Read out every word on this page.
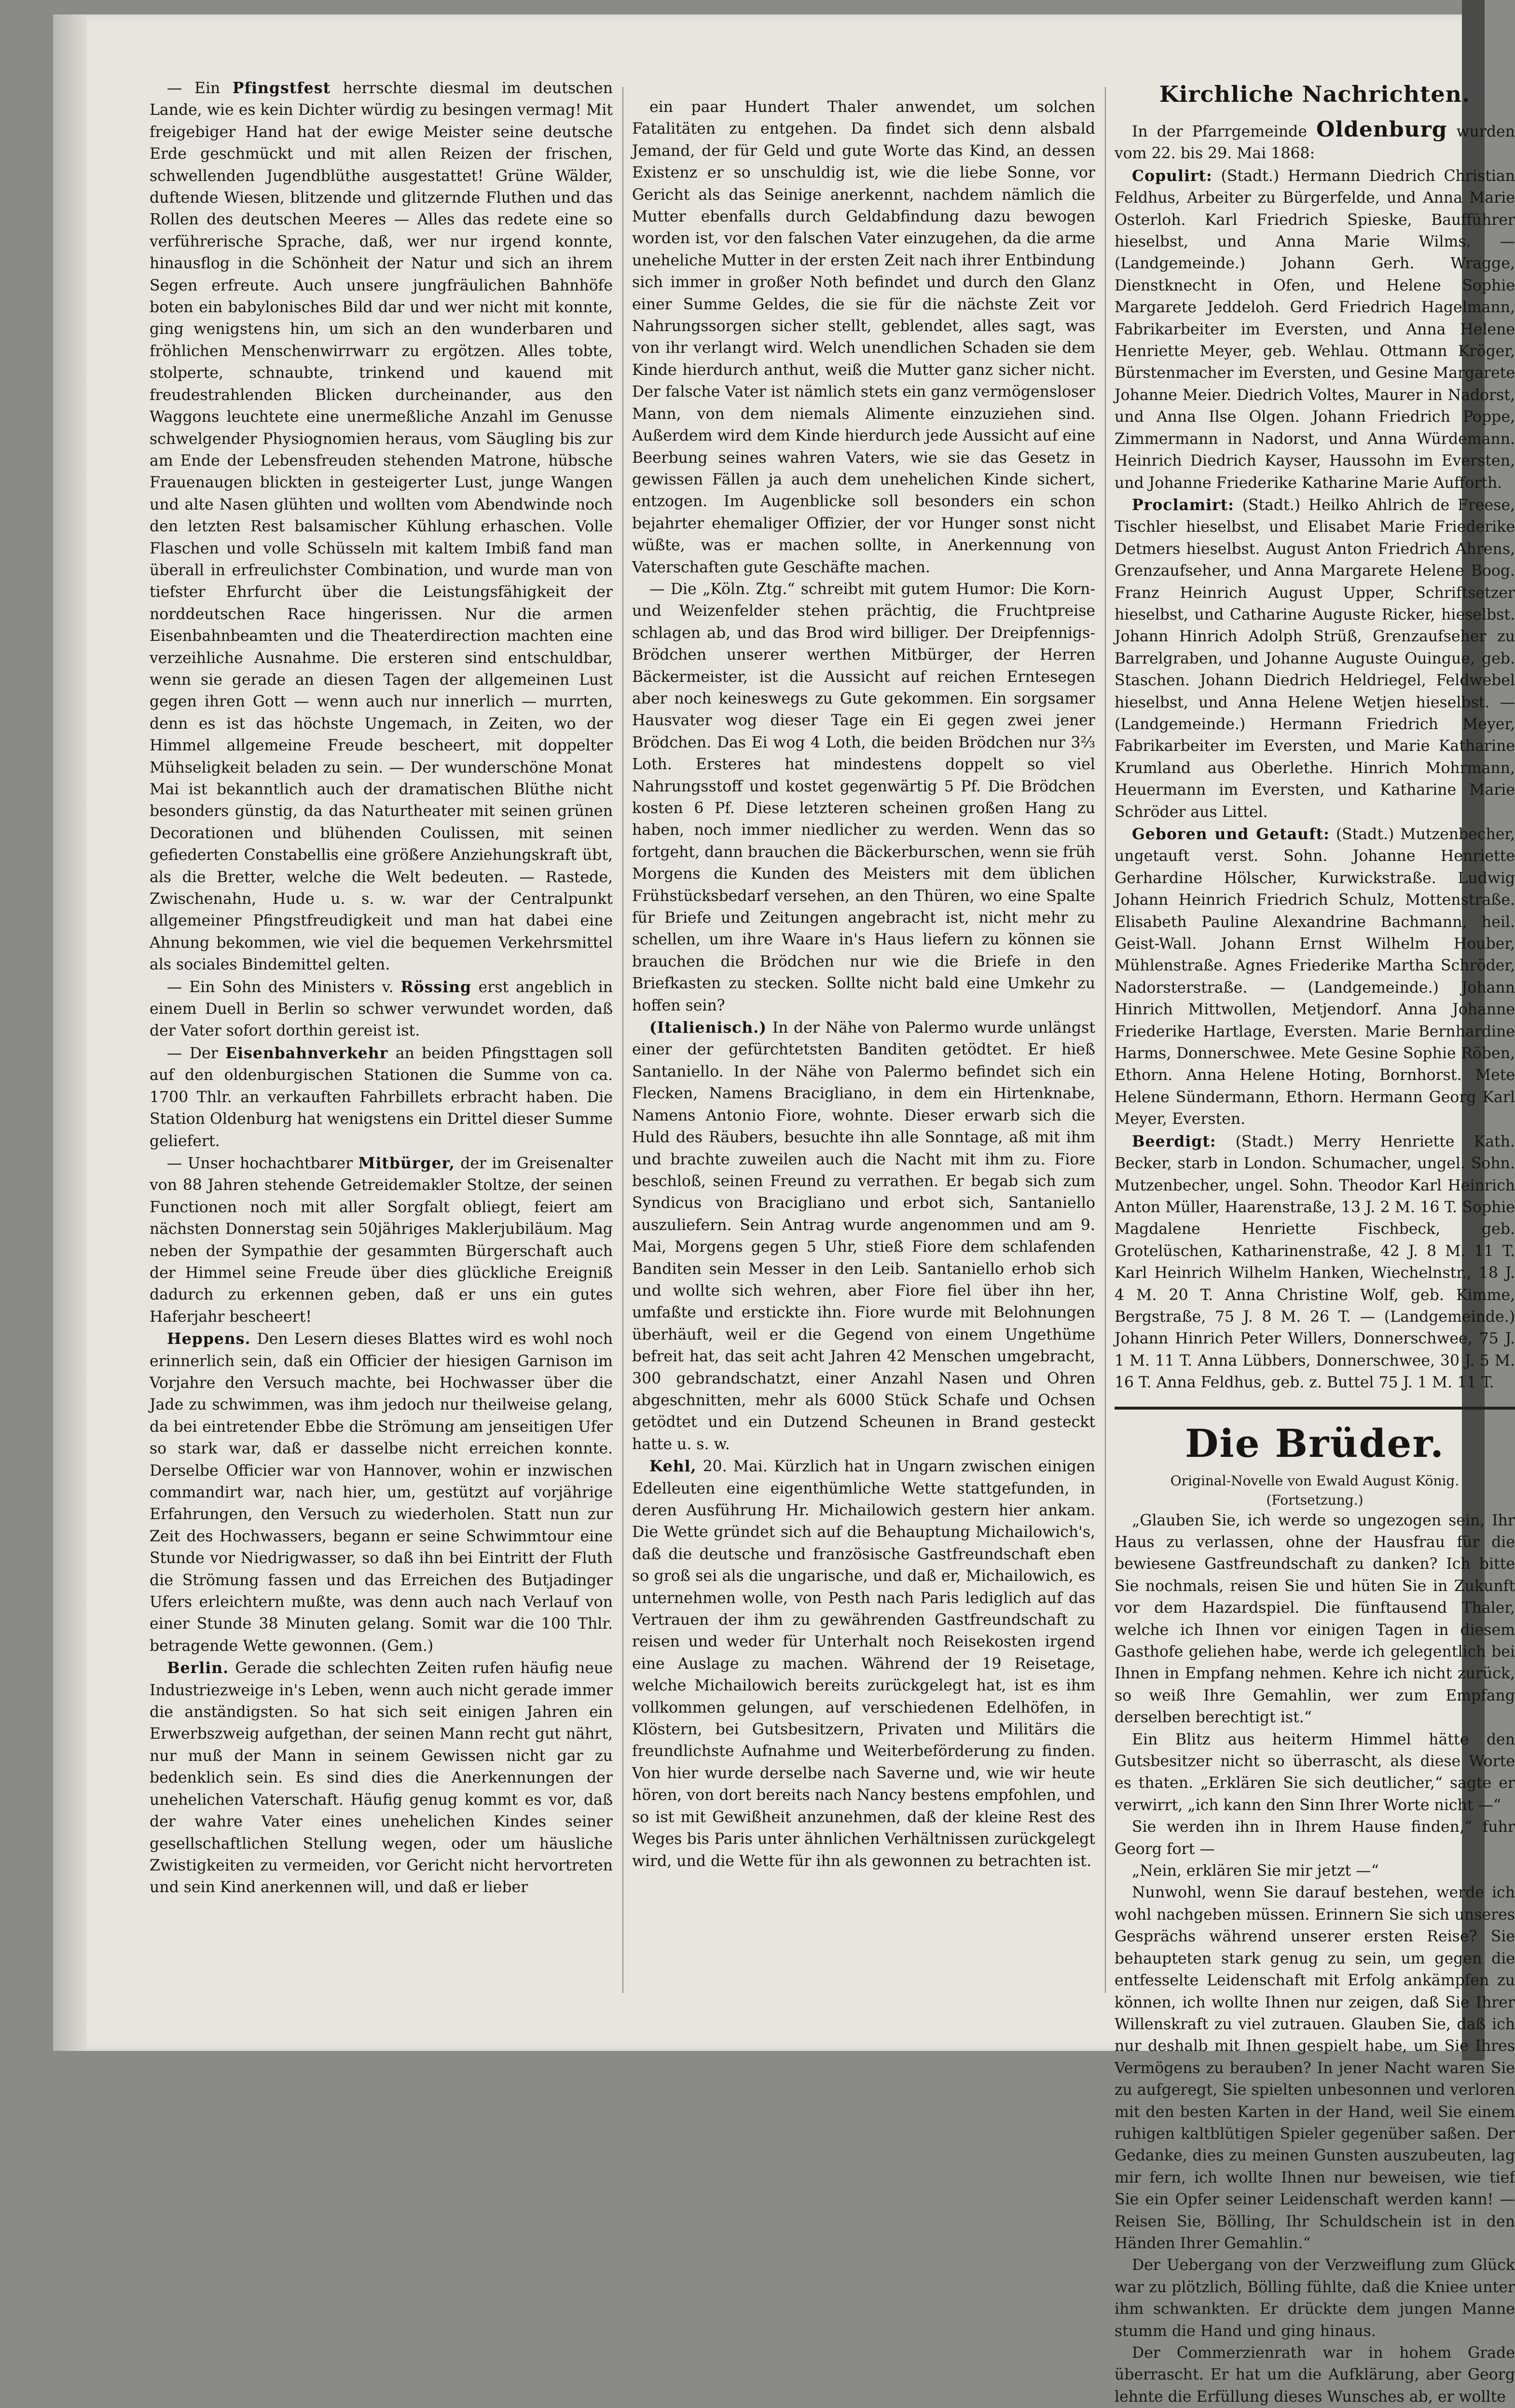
— Ein Pfingstfest herrschte diesmal im deutschen Lande, wie es kein Dichter würdig zu besingen vermag! Mit freigebiger Hand hat der ewige Meister seine deutsche Erde geschmückt und mit allen Reizen der frischen, schwellenden Jugendblüthe ausgestattet! Grüne Wälder, duftende Wiesen, blitzende und glitzernde Fluthen und das Rollen des deutschen Meeres — Alles das redete eine so verführerische Sprache, daß, wer nur irgend konnte, hinausflog in die Schönheit der Natur und sich an ihrem Segen erfreute. Auch unsere jungfräulichen Bahnhöfe boten ein babylonisches Bild dar und wer nicht mit konnte, ging wenigstens hin, um sich an den wunderbaren und fröhlichen Menschenwirrwarr zu ergötzen. Alles tobte, stolperte, schnaubte, trinkend und kauend mit freudestrahlenden Blicken durcheinander, aus den Waggons leuchtete eine unermeßliche Anzahl im Genusse schwelgender Physiognomien heraus, vom Säugling bis zur am Ende der Lebensfreuden stehenden Matrone, hübsche Frauenaugen blickten in gesteigerter Lust, junge Wangen und alte Nasen glühten und wollten vom Abendwinde noch den letzten Rest balsamischer Kühlung erhaschen. Volle Flaschen und volle Schüsseln mit kaltem Imbiß fand man überall in erfreulichster Combination, und wurde man von tiefster Ehrfurcht über die Leistungsfähigkeit der norddeutschen Race hingerissen. Nur die armen Eisenbahnbeamten und die Theaterdirection machten eine verzeihliche Ausnahme. Die ersteren sind entschuldbar, wenn sie gerade an diesen Tagen der allgemeinen Lust gegen ihren Gott — wenn auch nur innerlich — murrten, denn es ist das höchste Ungemach, in Zeiten, wo der Himmel allgemeine Freude bescheert, mit doppelter Mühseligkeit beladen zu sein. — Der wunderschöne Monat Mai ist bekanntlich auch der dramatischen Blüthe nicht besonders günstig, da das Naturtheater mit seinen grünen Decorationen und blühenden Coulissen, mit seinen gefiederten Constabellis eine größere Anziehungskraft übt, als die Bretter, welche die Welt bedeuten. — Rastede, Zwischenahn, Hude u. s. w. war der Centralpunkt allgemeiner Pfingstfreudigkeit und man hat dabei eine Ahnung bekommen, wie viel die bequemen Verkehrsmittel als sociales Bindemittel gelten.

— Ein Sohn des Ministers v. Rössing erst angeblich in einem Duell in Berlin so schwer verwundet worden, daß der Vater sofort dorthin gereist ist.

— Der Eisenbahnverkehr an beiden Pfingsttagen soll auf den oldenburgischen Stationen die Summe von ca. 1700 Thlr. an verkauften Fahrbillets erbracht haben. Die Station Oldenburg hat wenigstens ein Drittel dieser Summe geliefert.

— Unser hochachtbarer Mitbürger, der im Greisenalter von 88 Jahren stehende Getreidemakler Stoltze, der seinen Functionen noch mit aller Sorgfalt obliegt, feiert am nächsten Donnerstag sein 50jähriges Maklerjubiläum. Mag neben der Sympathie der gesammten Bürgerschaft auch der Himmel seine Freude über dies glückliche Ereigniß dadurch zu erkennen geben, daß er uns ein gutes Haferjahr bescheert!

Heppens. Den Lesern dieses Blattes wird es wohl noch erinnerlich sein, daß ein Officier der hiesigen Garnison im Vorjahre den Versuch machte, bei Hochwasser über die Jade zu schwimmen, was ihm jedoch nur theilweise gelang, da bei eintretender Ebbe die Strömung am jenseitigen Ufer so stark war, daß er dasselbe nicht erreichen konnte. Derselbe Officier war von Hannover, wohin er inzwischen commandirt war, nach hier, um, gestützt auf vorjährige Erfahrungen, den Versuch zu wiederholen. Statt nun zur Zeit des Hochwassers, begann er seine Schwimmtour eine Stunde vor Niedrigwasser, so daß ihn bei Eintritt der Fluth die Strömung fassen und das Erreichen des Butjadinger Ufers erleichtern mußte, was denn auch nach Verlauf von einer Stunde 38 Minuten gelang. Somit war die 100 Thlr. betragende Wette gewonnen. (Gem.)

Berlin. Gerade die schlechten Zeiten rufen häufig neue Industriezweige in's Leben, wenn auch nicht gerade immer die anständigsten. So hat sich seit einigen Jahren ein Erwerbszweig aufgethan, der seinen Mann recht gut nährt, nur muß der Mann in seinem Gewissen nicht gar zu bedenklich sein. Es sind dies die Anerkennungen der unehelichen Vaterschaft. Häufig genug kommt es vor, daß der wahre Vater eines unehelichen Kindes seiner gesellschaftlichen Stellung wegen, oder um häusliche Zwistigkeiten zu vermeiden, vor Gericht nicht hervortreten und sein Kind anerkennen will, und daß er lieber

ein paar Hundert Thaler anwendet, um solchen Fatalitäten zu entgehen. Da findet sich denn alsbald Jemand, der für Geld und gute Worte das Kind, an dessen Existenz er so unschuldig ist, wie die liebe Sonne, vor Gericht als das Seinige anerkennt, nachdem nämlich die Mutter ebenfalls durch Geldabfindung dazu bewogen worden ist, vor den falschen Vater einzugehen, da die arme uneheliche Mutter in der ersten Zeit nach ihrer Entbindung sich immer in großer Noth befindet und durch den Glanz einer Summe Geldes, die sie für die nächste Zeit vor Nahrungssorgen sicher stellt, geblendet, alles sagt, was von ihr verlangt wird. Welch unendlichen Schaden sie dem Kinde hierdurch anthut, weiß die Mutter ganz sicher nicht. Der falsche Vater ist nämlich stets ein ganz vermögensloser Mann, von dem niemals Alimente einzuziehen sind. Außerdem wird dem Kinde hierdurch jede Aussicht auf eine Beerbung seines wahren Vaters, wie sie das Gesetz in gewissen Fällen ja auch dem unehelichen Kinde sichert, entzogen. Im Augenblicke soll besonders ein schon bejahrter ehemaliger Offizier, der vor Hunger sonst nicht wüßte, was er machen sollte, in Anerkennung von Vaterschaften gute Geschäfte machen.

— Die „Köln. Ztg.“ schreibt mit gutem Humor: Die Korn- und Weizenfelder stehen prächtig, die Fruchtpreise schlagen ab, und das Brod wird billiger. Der Dreipfennigs-Brödchen unserer werthen Mitbürger, der Herren Bäckermeister, ist die Aussicht auf reichen Erntesegen aber noch keineswegs zu Gute gekommen. Ein sorgsamer Hausvater wog dieser Tage ein Ei gegen zwei jener Brödchen. Das Ei wog 4 Loth, die beiden Brödchen nur 3⅔ Loth. Ersteres hat mindestens doppelt so viel Nahrungsstoff und kostet gegenwärtig 5 Pf. Die Brödchen kosten 6 Pf. Diese letzteren scheinen großen Hang zu haben, noch immer niedlicher zu werden. Wenn das so fortgeht, dann brauchen die Bäckerburschen, wenn sie früh Morgens die Kunden des Meisters mit dem üblichen Frühstücksbedarf versehen, an den Thüren, wo eine Spalte für Briefe und Zeitungen angebracht ist, nicht mehr zu schellen, um ihre Waare in's Haus liefern zu können sie brauchen die Brödchen nur wie die Briefe in den Briefkasten zu stecken. Sollte nicht bald eine Umkehr zu hoffen sein?

(Italienisch.) In der Nähe von Palermo wurde unlängst einer der gefürchtetsten Banditen getödtet. Er hieß Santaniello. In der Nähe von Palermo befindet sich ein Flecken, Namens Bracigliano, in dem ein Hirtenknabe, Namens Antonio Fiore, wohnte. Dieser erwarb sich die Huld des Räubers, besuchte ihn alle Sonntage, aß mit ihm und brachte zuweilen auch die Nacht mit ihm zu. Fiore beschloß, seinen Freund zu verrathen. Er begab sich zum Syndicus von Bracigliano und erbot sich, Santaniello auszuliefern. Sein Antrag wurde angenommen und am 9. Mai, Morgens gegen 5 Uhr, stieß Fiore dem schlafenden Banditen sein Messer in den Leib. Santaniello erhob sich und wollte sich wehren, aber Fiore fiel über ihn her, umfaßte und erstickte ihn. Fiore wurde mit Belohnungen überhäuft, weil er die Gegend von einem Ungethüme befreit hat, das seit acht Jahren 42 Menschen umgebracht, 300 gebrandschatzt, einer Anzahl Nasen und Ohren abgeschnitten, mehr als 6000 Stück Schafe und Ochsen getödtet und ein Dutzend Scheunen in Brand gesteckt hatte u. s. w.

Kehl, 20. Mai. Kürzlich hat in Ungarn zwischen einigen Edelleuten eine eigenthümliche Wette stattgefunden, in deren Ausführung Hr. Michailowich gestern hier ankam. Die Wette gründet sich auf die Behauptung Michailowich's, daß die deutsche und französische Gastfreundschaft eben so groß sei als die ungarische, und daß er, Michailowich, es unternehmen wolle, von Pesth nach Paris lediglich auf das Vertrauen der ihm zu gewährenden Gastfreundschaft zu reisen und weder für Unterhalt noch Reisekosten irgend eine Auslage zu machen. Während der 19 Reisetage, welche Michailowich bereits zurückgelegt hat, ist es ihm vollkommen gelungen, auf verschiedenen Edelhöfen, in Klöstern, bei Gutsbesitzern, Privaten und Militärs die freundlichste Aufnahme und Weiterbeförderung zu finden. Von hier wurde derselbe nach Saverne und, wie wir heute hören, von dort bereits nach Nancy bestens empfohlen, und so ist mit Gewißheit anzunehmen, daß der kleine Rest des Weges bis Paris unter ähnlichen Verhältnissen zurückgelegt wird, und die Wette für ihn als gewonnen zu betrachten ist.

Kirchliche Nachrichten.

In der Pfarrgemeinde Oldenburg wurden vom 22. bis 29. Mai 1868:

Copulirt: (Stadt.) Hermann Diedrich Christian Feldhus, Arbeiter zu Bürgerfelde, und Anna Marie Osterloh. Karl Friedrich Spieske, Baufführer hieselbst, und Anna Marie Wilms. — (Landgemeinde.) Johann Gerh. Wragge, Dienstknecht in Ofen, und Helene Sophie Margarete Jeddeloh. Gerd Friedrich Hagelmann, Fabrikarbeiter im Eversten, und Anna Helene Henriette Meyer, geb. Wehlau. Ottmann Kröger, Bürstenmacher im Eversten, und Gesine Margarete Johanne Meier. Diedrich Voltes, Maurer in Nadorst, und Anna Ilse Olgen. Johann Friedrich Poppe, Zimmermann in Nadorst, und Anna Würdemann. Heinrich Diedrich Kayser, Haussohn im Eversten, und Johanne Friederike Katharine Marie Aufforth.

Proclamirt: (Stadt.) Heilko Ahlrich de Freese, Tischler hieselbst, und Elisabet Marie Friederike Detmers hieselbst. August Anton Friedrich Ahrens, Grenzaufseher, und Anna Margarete Helene Boog. Franz Heinrich August Upper, Schriftsetzer hieselbst, und Catharine Auguste Ricker, hieselbst. Johann Hinrich Adolph Strüß, Grenzaufseher zu Barrelgraben, und Johanne Auguste Ouingue, geb. Staschen. Johann Diedrich Heldriegel, Feldwebel hieselbst, und Anna Helene Wetjen hieselbst. — (Landgemeinde.) Hermann Friedrich Meyer, Fabrikarbeiter im Eversten, und Marie Katharine Krumland aus Oberlethe. Hinrich Mohrmann, Heuermann im Eversten, und Katharine Marie Schröder aus Littel.

Geboren und Getauft: (Stadt.) Mutzenbecher, ungetauft verst. Sohn. Johanne Henriette Gerhardine Hölscher, Kurwickstraße. Ludwig Johann Heinrich Friedrich Schulz, Mottenstraße. Elisabeth Pauline Alexandrine Bachmann, heil. Geist-Wall. Johann Ernst Wilhelm Houber, Mühlenstraße. Agnes Friederike Martha Schröder, Nadorsterstraße. — (Landgemeinde.) Johann Hinrich Mittwollen, Metjendorf. Anna Johanne Friederike Hartlage, Eversten. Marie Bernhardine Harms, Donnerschwee. Mete Gesine Sophie Röben, Ethorn. Anna Helene Hoting, Bornhorst. Mete Helene Sündermann, Ethorn. Hermann Georg Karl Meyer, Eversten.

Beerdigt: (Stadt.) Merry Henriette Kath. Becker, starb in London. Schumacher, ungel. Sohn. Mutzenbecher, ungel. Sohn. Theodor Karl Heinrich Anton Müller, Haarenstraße, 13 J. 2 M. 16 T. Sophie Magdalene Henriette Fischbeck, geb. Grotelüschen, Katharinenstraße, 42 J. 8 M. 11 T. Karl Heinrich Wilhelm Hanken, Wiechelnstr., 18 J. 4 M. 20 T. Anna Christine Wolf, geb. Kimme, Bergstraße, 75 J. 8 M. 26 T. — (Landgemeinde.) Johann Hinrich Peter Willers, Donnerschwee, 75 J. 1 M. 11 T. Anna Lübbers, Donnerschwee, 30 J. 5 M. 16 T. Anna Feldhus, geb. z. Buttel 75 J. 1 M. 11 T.

Die Brüder.

Original-Novelle von Ewald August König.

(Fortsetzung.)

„Glauben Sie, ich werde so ungezogen sein, Ihr Haus zu verlassen, ohne der Hausfrau für die bewiesene Gastfreundschaft zu danken? Ich bitte Sie nochmals, reisen Sie und hüten Sie in Zukunft vor dem Hazardspiel. Die fünftausend Thaler, welche ich Ihnen vor einigen Tagen in diesem Gasthofe geliehen habe, werde ich gelegentlich bei Ihnen in Empfang nehmen. Kehre ich nicht zurück, so weiß Ihre Gemahlin, wer zum Empfang derselben berechtigt ist.“

Ein Blitz aus heiterm Himmel hätte den Gutsbesitzer nicht so überrascht, als diese Worte es thaten. „Erklären Sie sich deutlicher,“ sagte er verwirrt, „ich kann den Sinn Ihrer Worte nicht —“

Sie werden ihn in Ihrem Hause finden,“ fuhr Georg fort —

„Nein, erklären Sie mir jetzt —“

Nunwohl, wenn Sie darauf bestehen, werde ich wohl nachgeben müssen. Erinnern Sie sich unseres Gesprächs während unserer ersten Reise? Sie behaupteten stark genug zu sein, um gegen die entfesselte Leidenschaft mit Erfolg ankämpfen zu können, ich wollte Ihnen nur zeigen, daß Sie Ihrer Willenskraft zu viel zutrauen. Glauben Sie, daß ich nur deshalb mit Ihnen gespielt habe, um Sie Ihres Vermögens zu berauben? In jener Nacht waren Sie zu aufgeregt, Sie spielten unbesonnen und verloren mit den besten Karten in der Hand, weil Sie einem ruhigen kaltblütigen Spieler gegenüber saßen. Der Gedanke, dies zu meinen Gunsten auszubeuten, lag mir fern, ich wollte Ihnen nur beweisen, wie tief Sie ein Opfer seiner Leidenschaft werden kann! — Reisen Sie, Bölling, Ihr Schuldschein ist in den Händen Ihrer Gemahlin.“

Der Uebergang von der Verzweiflung zum Glück war zu plötzlich, Bölling fühlte, daß die Kniee unter ihm schwankten. Er drückte dem jungen Manne stumm die Hand und ging hinaus.

Der Commerzienrath war in hohem Grade überrascht. Er hat um die Aufklärung, aber Georg lehnte die Erfüllung dieses Wunsches ab, er wollte
